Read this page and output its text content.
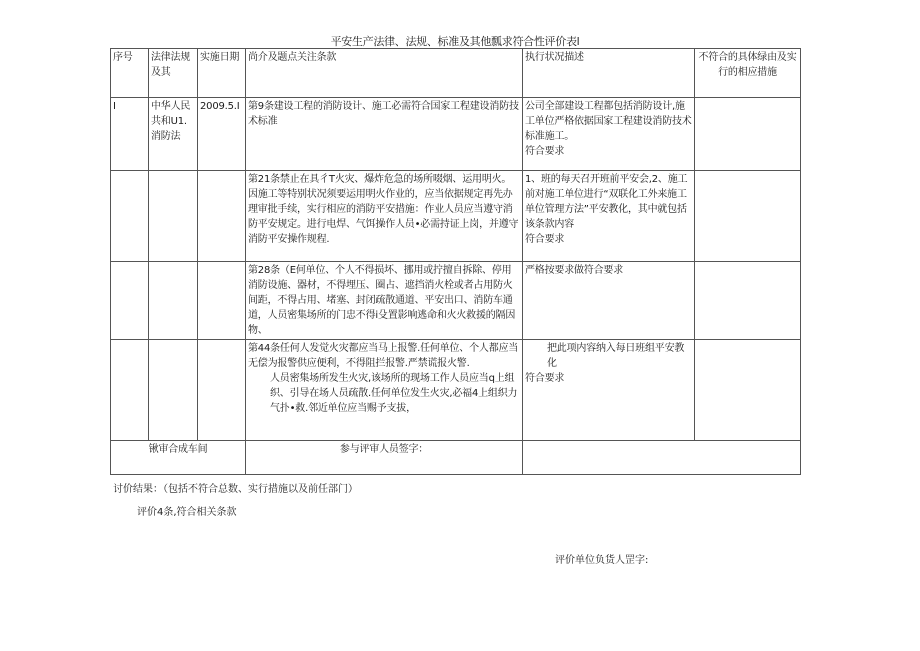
平安生产法律、法规、标准及其他瓢求符合性评价表l
序号	法律法规及其	实施日期	尚介及题点关注条款	执行状况描述	不符合的具体绿由及实行的相应措施
I	中华人民共和U1.消防法	2009.5.I	第9条建设工程的消防设计、施工必需符合国家工程建设消防技术标准	公司全部建设工程都包括消防设计,施工单位严格依据国家工程建设消防技术标准施工。
符合要求	

			第21条禁止在具彳T火灾、爆炸危急的场所啜烟、运用明火。因施工等特别状况须要运用明火作业的，应当依据规定再先办理审批手续，实行相应的消防平安措施：作业人员应当遵守消防平安规定。进行电焊、气饵操作人员•必需持证上岗，并遵守消防平安操作规程.	1、班的每天召开班前平安会,2、施工前对施工单位进行“双联化工外来施工单位管理方法”平安教化，其中就包括该条款内容
符合要求	

			第28条（E何单位、个人不得损坏、挪用或拧擅自拆除、停用消防设施、器材，不得埋压、圈占、遮挡消火栓或者占用防火间距，不得占用、堵塞、封闭疏散通道、平安出口、消防车通道，人员密集场所的门忠不得i殳置影响逃命和火火救援的隔因物、	严格按要求做符合要求	

			第44条任何人发觉火灾都应当马上报警.任何单位、个人都应当无偿为报警供应便利，不得阻拦报警.严禁谎报火警.
人员密集场所发生火灾,该场所的现场工作人员应当q上组织、引导在场人员疏散.任何单位发生火灾,必福4上组织力气扑•救.邻近单位应当赐予支拔，	把此项内容纳入每日班组平安教化
符合要求	

锹审合成车间			参与评审人员签字：		
讨价结果：（包括不符合总数、实行措施以及前任部门）
评价4条,符合相关条款
评价单位负货人罡字:
